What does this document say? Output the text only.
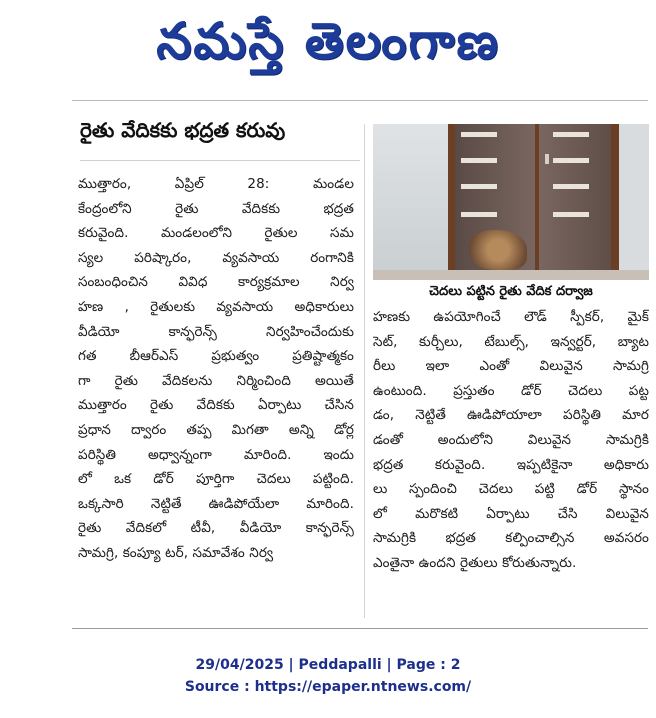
నమస్తే తెలంగాణ
రైతు వేదికకు భద్రత కరువు
ముత్తారం, ఏప్రిల్ 28: మండల
కేంద్రంలోని రైతు వేదికకు భద్రత
కరువైంది. మండలంలోని రైతుల సమ
స్యల పరిష్కారం, వ్యవసాయ రంగానికి
సంబంధించిన వివిధ కార్యక్రమాల నిర్వ
హణ , రైతులకు వ్యవసాయ అధికారులు
వీడియో కాన్ఫరెన్స్ నిర్వహించేందుకు
గత బీఆర్ఎస్ ప్రభుత్వం ప్రతిష్టాత్మకం
గా రైతు వేదికలను నిర్మించింది అయితే
ముత్తారం రైతు వేదికకు ఏర్పాటు చేసిన
ప్రధాన ద్వారం తప్ప మిగతా అన్ని డోర్ల
పరిస్థితి అధ్వాన్నంగా మారింది. ఇందు
లో ఒక డోర్ పూర్తిగా చెదలు పట్టింది.
ఒక్కసారి నెట్టితే ఊడిపోయేలా మారింది.
రైతు వేదికలో టీవీ, వీడియో కాన్ఫరెన్స్
సామగ్రి, కంప్యూ టర్, సమావేశం నిర్వ
చెదలు పట్టిన రైతు వేదిక దర్వాజ
హణకు ఉపయోగించే లౌడ్ స్పీకర్, మైక్
సెట్, కుర్చీలు, టేబుల్స్, ఇన్వర్టర్, బ్యాట
రీలు ఇలా ఎంతో విలువైన సామగ్రి
ఉంటుంది. ప్రస్తుతం డోర్ చెదలు పట్ట
డం, నెట్టితే ఊడిపోయాలా పరిస్థితి మార
డంతో అందులోని విలువైన సామగ్రికి
భద్రత కరువైంది. ఇప్పటికైనా అధికారు
లు స్పందించి చెదలు పట్టి డోర్ స్థానం
లో మరొకటి ఏర్పాటు చేసి విలువైన
సామగ్రికి భద్రత కల్పించాల్సిన అవసరం
ఎంతైనా ఉందని రైతులు కోరుతున్నారు.
29/04/2025 | Peddapalli | Page : 2
Source : https://epaper.ntnews.com/
